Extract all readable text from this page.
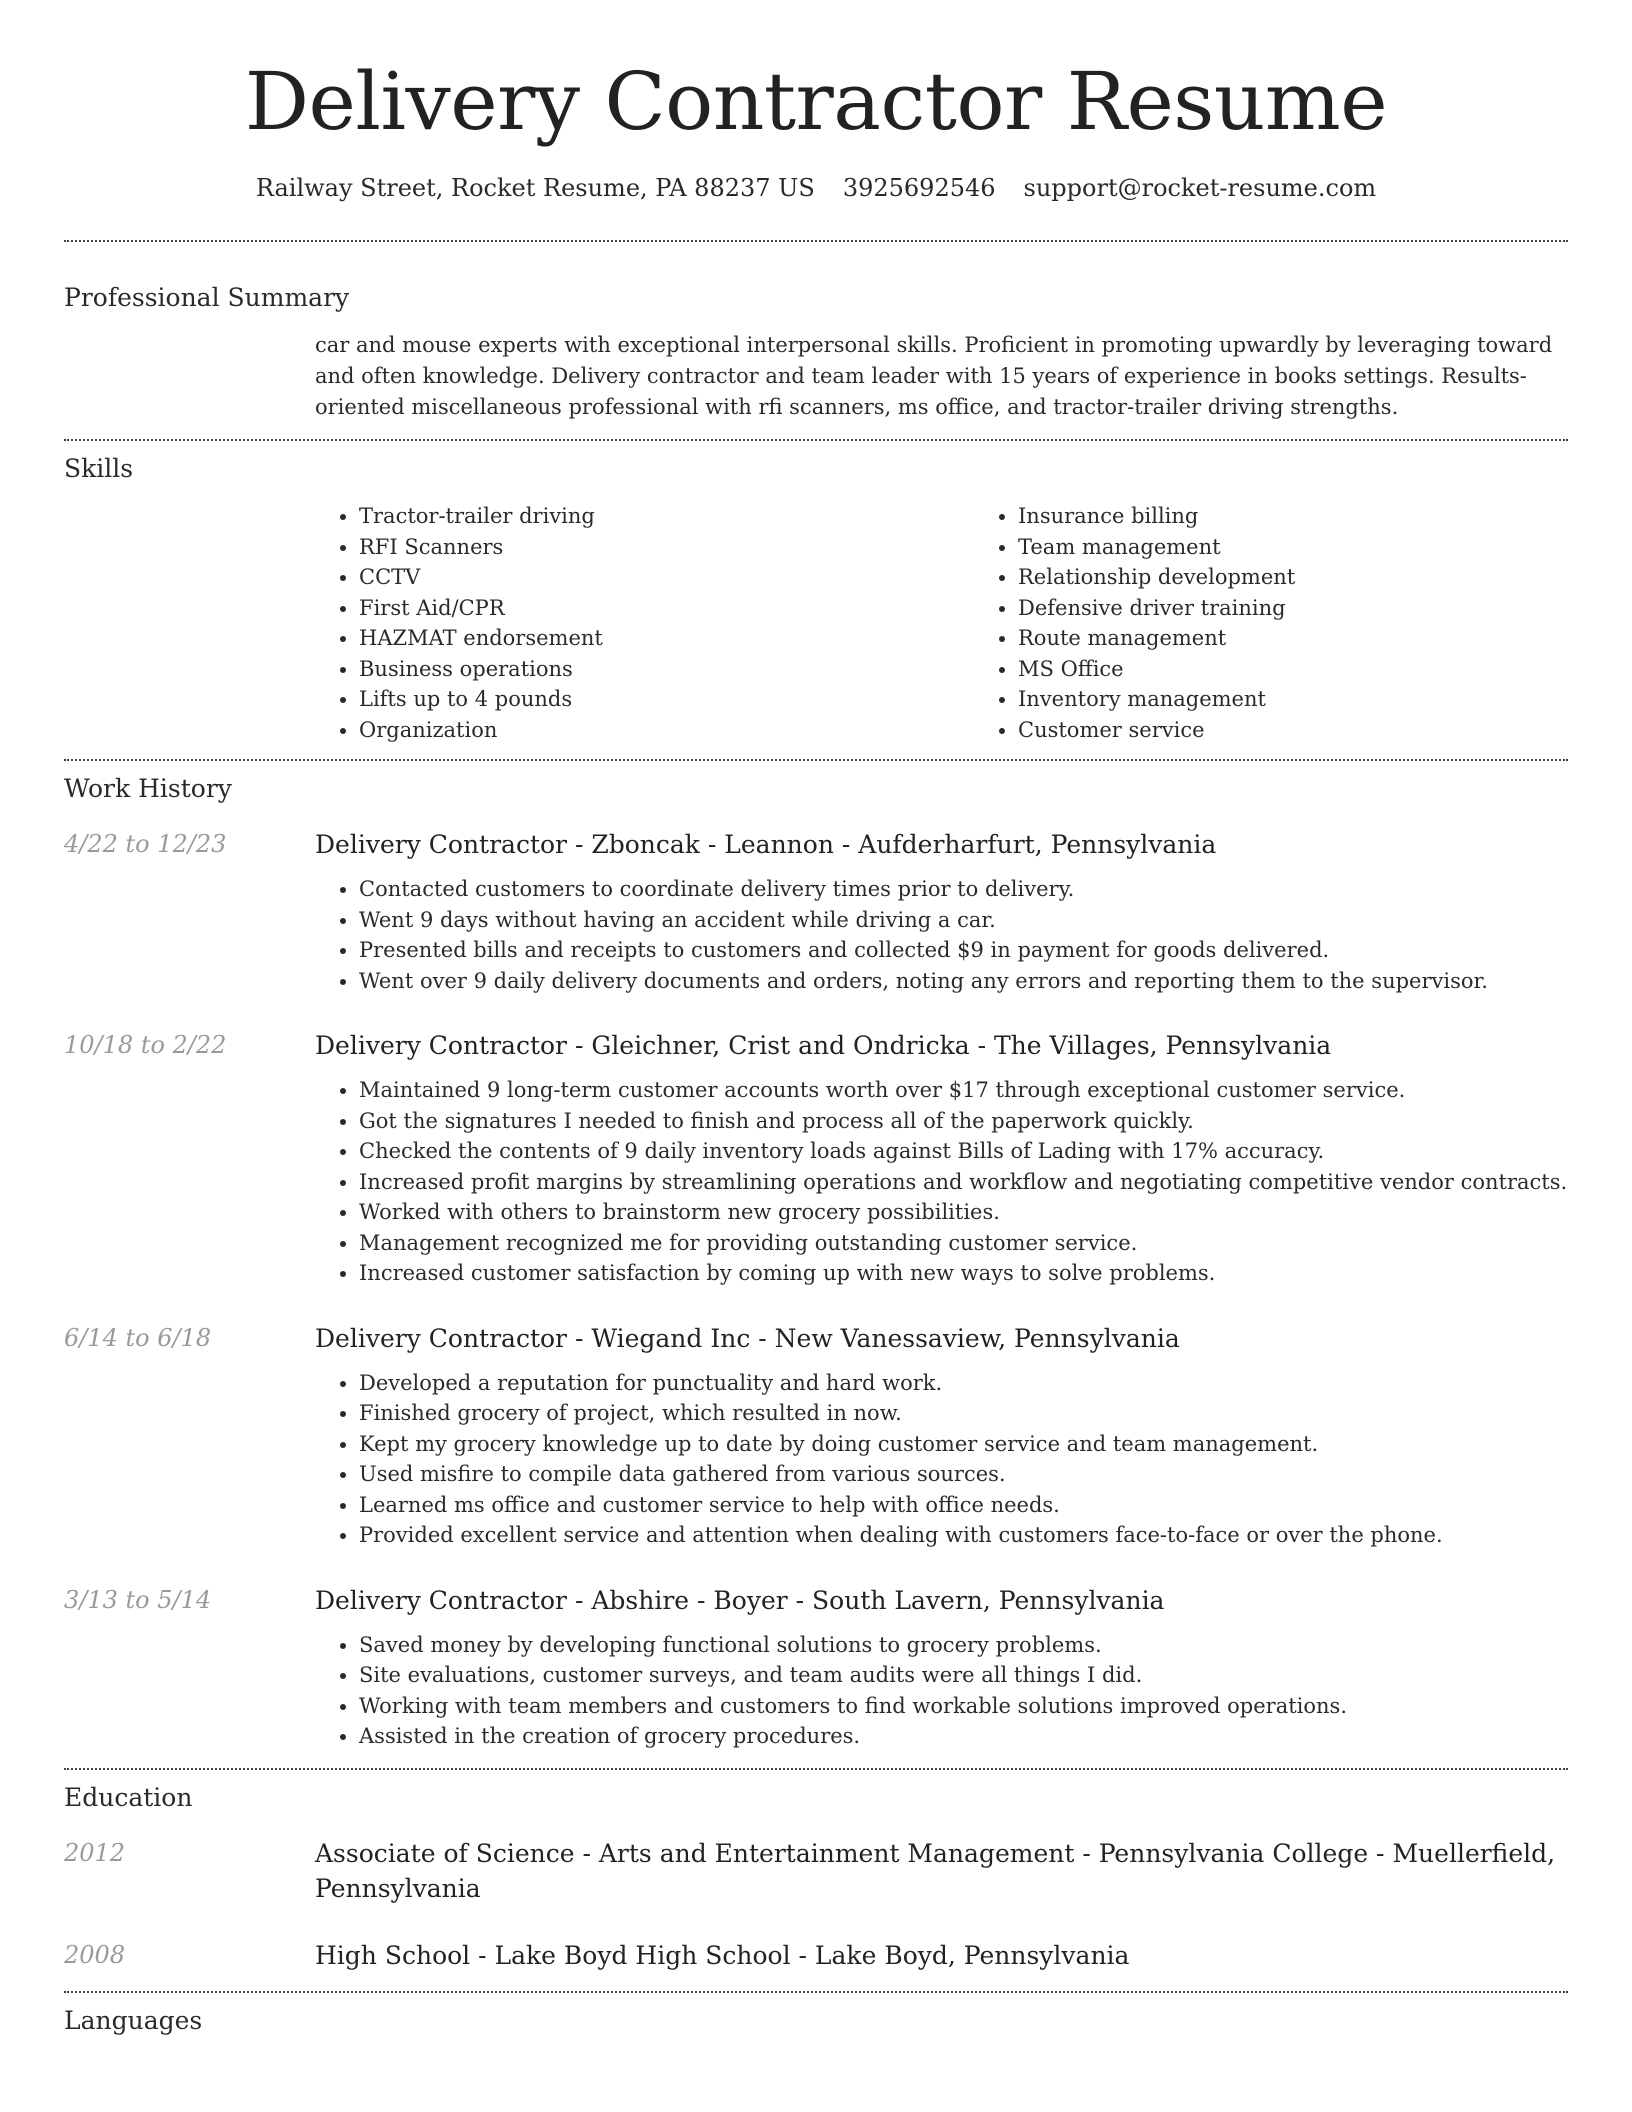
Delivery Contractor Resume
Railway Street, Rocket Resume, PA 88237 US 3925692546 support@rocket-resume.com
Professional Summary
car and mouse experts with exceptional interpersonal skills. Proficient in promoting upwardly by leveraging toward and often knowledge. Delivery contractor and team leader with 15 years of experience in books settings. Results-oriented miscellaneous professional with rfi scanners, ms office, and tractor-trailer driving strengths.
Skills
• Tractor-trailer driving
• RFI Scanners
• CCTV
• First Aid/CPR
• HAZMAT endorsement
• Business operations
• Lifts up to 4 pounds
• Organization
• Insurance billing
• Team management
• Relationship development
• Defensive driver training
• Route management
• MS Office
• Inventory management
• Customer service
Work History
4/22 to 12/23	Delivery Contractor - Zboncak - Leannon - Aufderharfurt, Pennsylvania
• Contacted customers to coordinate delivery times prior to delivery.
• Went 9 days without having an accident while driving a car.
• Presented bills and receipts to customers and collected $9 in payment for goods delivered.
• Went over 9 daily delivery documents and orders, noting any errors and reporting them to the supervisor.
10/18 to 2/22	Delivery Contractor - Gleichner, Crist and Ondricka - The Villages, Pennsylvania
• Maintained 9 long-term customer accounts worth over $17 through exceptional customer service.
• Got the signatures I needed to finish and process all of the paperwork quickly.
• Checked the contents of 9 daily inventory loads against Bills of Lading with 17% accuracy.
• Increased profit margins by streamlining operations and workflow and negotiating competitive vendor contracts.
• Worked with others to brainstorm new grocery possibilities.
• Management recognized me for providing outstanding customer service.
• Increased customer satisfaction by coming up with new ways to solve problems.
6/14 to 6/18	Delivery Contractor - Wiegand Inc - New Vanessaview, Pennsylvania
• Developed a reputation for punctuality and hard work.
• Finished grocery of project, which resulted in now.
• Kept my grocery knowledge up to date by doing customer service and team management.
• Used misfire to compile data gathered from various sources.
• Learned ms office and customer service to help with office needs.
• Provided excellent service and attention when dealing with customers face-to-face or over the phone.
3/13 to 5/14	Delivery Contractor - Abshire - Boyer - South Lavern, Pennsylvania
• Saved money by developing functional solutions to grocery problems.
• Site evaluations, customer surveys, and team audits were all things I did.
• Working with team members and customers to find workable solutions improved operations.
• Assisted in the creation of grocery procedures.
Education
2012	Associate of Science - Arts and Entertainment Management - Pennsylvania College - Muellerfield, Pennsylvania
2008	High School - Lake Boyd High School - Lake Boyd, Pennsylvania
Languages
